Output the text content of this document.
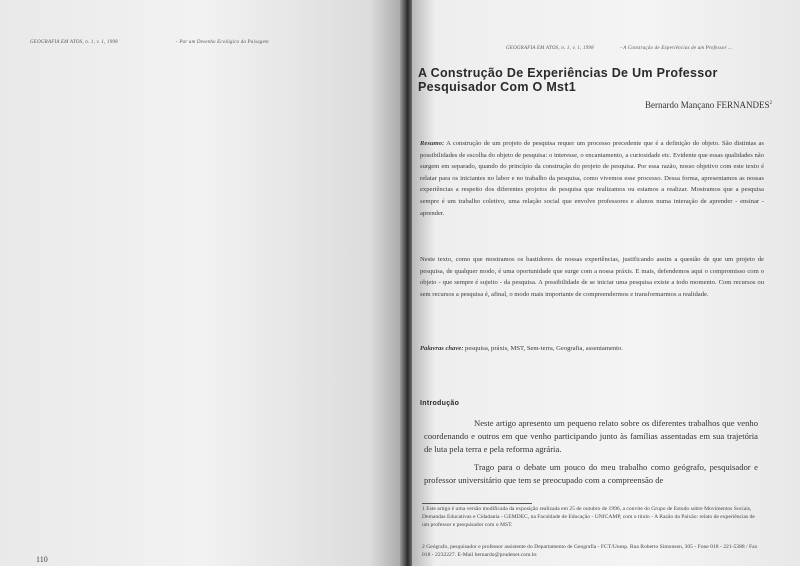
GEOGRAFIA EM ATOS, n. 1, v. 1, 1998	- Por um Desenho Ecológico da Paisagem
110
GEOGRAFIA EM ATOS, n. 1, v. 1, 1998	- A Construção de Experiências de um Professor ...
A Construção De Experiências De Um Professor Pesquisador Com O Mst1
Bernardo Mançano FERNANDES$^2$

Resumo: A construção de um projeto de pesquisa requer um processo precedente que é a definição do objeto. São distintas as possibilidades de escolha do objeto de pesquisa: o interesse, o encantamento, a curiosidade etc. Evidente que essas qualidades não surgem em separado, quando do princípio da construção do projeto de pesquisa. Por essa razão, nosso objetivo com este texto é relatar para os iniciantes no labor e no trabalho da pesquisa, como vivemos esse processo. Dessa forma, apresentamos as nossas experiências a respeito dos diferentes projetos de pesquisa que realizamos ou estamos a realizar. Mostramos que a pesquisa sempre é um trabalho coletivo, uma relação social que envolve professores e alunos numa interação de aprender - ensinar - aprender.

Neste texto, como que mostramos os bastidores de nossas experiências, justificando assim a questão de que um projeto de pesquisa, de qualquer modo, é uma oportunidade que surge com a nossa práxis. E mais, defendemos aqui o compromisso com o objeto - que sempre é sujeito - da pesquisa. A possibilidade de se iniciar uma pesquisa existe a todo momento. Com recursos ou sem recursos a pesquisa é, afinal, o modo mais importante de compreendermos e transformarmos a realidade.

Palavras chave: pesquisa, práxis, MST, Sem-terra, Geografia, assentamento.

Introdução

Neste artigo apresento um pequeno relato sobre os diferentes trabalhos que venho coordenando e outros em que venho participando junto às famílias assentadas em sua trajetória de luta pela terra e pela reforma agrária.

Trago para o debate um pouco do meu trabalho como geógrafo, pesquisador e professor universitário que tem se preocupado com a compreensão de

1 Este artigo é uma versão modificada da exposição realizada em 25 de outubro de 1996, a convite do Grupo de Estudo sobre Movimentos Sociais, Demandas Educativas e Cidadania - GEMDEC, na Faculdade de Educação - UNICAMP, com o título - A Razão da Paixão: relato de experiências de um professor e pesquisador com o MST.

2 Geógrafo, pesquisador e professor assistente do Departamento de Geografia - FCT/Unesp. Rua Roberto Simonsen, 305 - Fone 018 - 221-5388 / Fax 018 - 2232227. E-Mail bernardo@prudenet.com.br.
